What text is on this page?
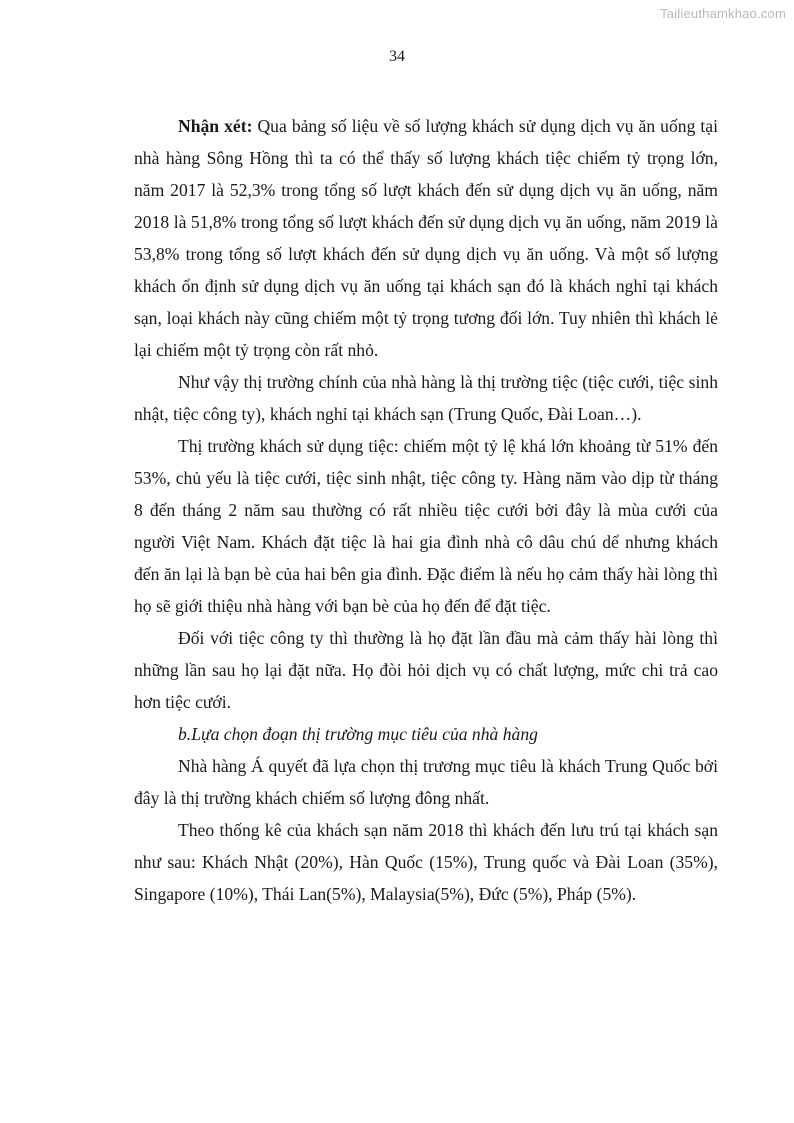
Tailieuthamkhao.com
34

Nhận xét: Qua bảng số liệu về số lượng khách sử dụng dịch vụ ăn uống tại nhà hàng Sông Hồng thì ta có thể thấy số lượng khách tiệc chiếm tỷ trọng lớn, năm 2017 là 52,3% trong tổng số lượt khách đến sử dụng dịch vụ ăn uống, năm 2018 là 51,8% trong tổng số lượt khách đến sử dụng dịch vụ ăn uống, năm 2019 là 53,8% trong tổng số lượt khách đến sử dụng dịch vụ ăn uống. Và một số lượng khách ổn định sử dụng dịch vụ ăn uống tại khách sạn đó là khách nghỉ tại khách sạn, loại khách này cũng chiếm một tỷ trọng tương đối lớn. Tuy nhiên thì khách lẻ lại chiếm một tỷ trọng còn rất nhỏ.

Như vậy thị trường chính của nhà hàng là thị trường tiệc (tiệc cưới, tiệc sinh nhật, tiệc công ty), khách nghỉ tại khách sạn (Trung Quốc, Đài Loan…).

Thị trường khách sử dụng tiệc: chiếm một tỷ lệ khá lớn khoảng từ 51% đến 53%, chủ yếu là tiệc cưới, tiệc sinh nhật, tiệc công ty. Hàng năm vào dịp từ tháng 8 đến tháng 2 năm sau thường có rất nhiều tiệc cưới bởi đây là mùa cưới của người Việt Nam. Khách đặt tiệc là hai gia đình nhà cô dâu chú dể nhưng khách đến ăn lại là bạn bè của hai bên gia đình. Đặc điểm là nếu họ cảm thấy hài lòng thì họ sẽ giới thiệu nhà hàng với bạn bè của họ đến để đặt tiệc.

Đối với tiệc công ty thì thường là họ đặt lần đầu mà cảm thấy hài lòng thì những lần sau họ lại đặt nữa. Họ đòi hỏi dịch vụ có chất lượng, mức chi trả cao hơn tiệc cưới.

b.Lựa chọn đoạn thị trường mục tiêu của nhà hàng

Nhà hàng Á quyết đã lựa chọn thị trương mục tiêu là khách Trung Quốc bởi đây là thị trường khách chiếm số lượng đông nhất.

Theo thống kê của khách sạn năm 2018 thì khách đến lưu trú tại khách sạn như sau: Khách Nhật (20%), Hàn Quốc (15%), Trung quốc và Đài Loan (35%), Singapore (10%), Thái Lan(5%), Malaysia(5%), Đức (5%), Pháp (5%).
